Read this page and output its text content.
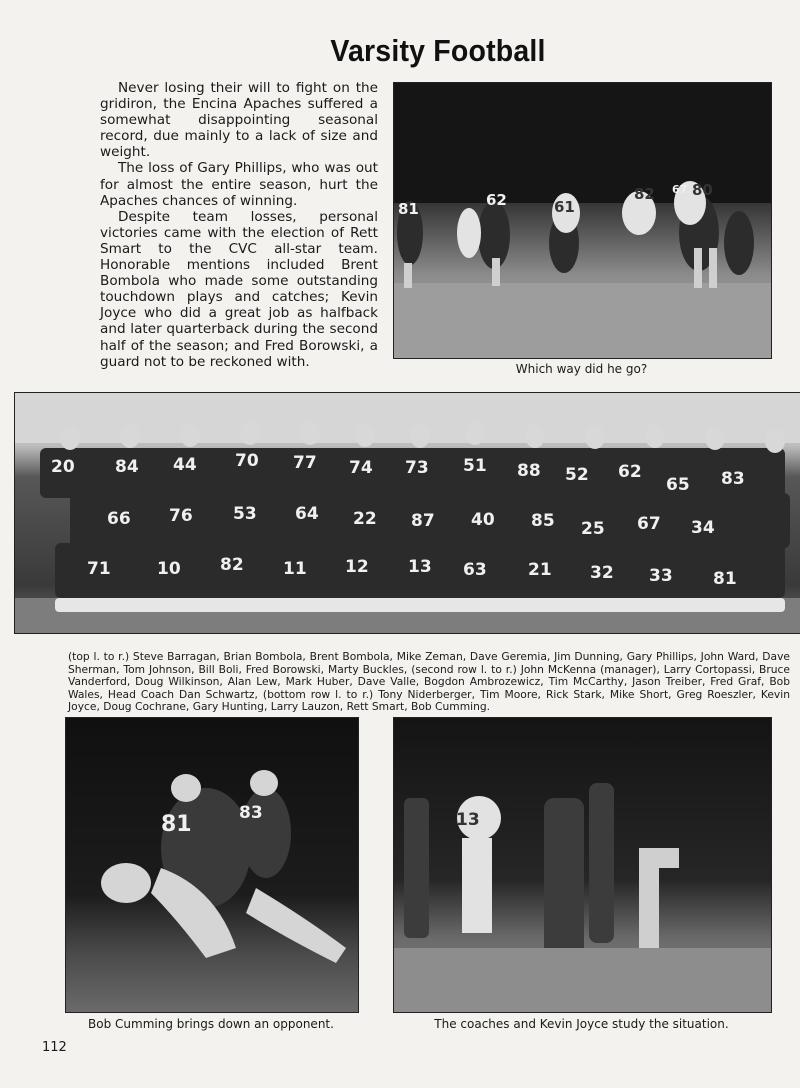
Varsity Football

Never losing their will to fight on the gridiron, the Encina Apaches suffered a somewhat disappointing seasonal record, due mainly to a lack of size and weight.

The loss of Gary Phillips, who was out for almost the entire season, hurt the Apaches chances of winning.

Despite team losses, personal victories came with the election of Rett Smart to the CVC all-star team. Honorable mentions included Brent Bombola who made some outstanding touchdown plays and catches; Kevin Joyce who did a great job as halfback and later quarterback during the second half of the season; and Fred Borowski, a guard not to be reckoned with.

81	62	61
82 80
67
Which way did he go?
20 84 44 70 77 74 73 51 88 52 62
65 83
66 76 53 64 22 87 40 85 25 67 34
71	10 82 11 12 13 63 21 32 33 81
(top l. to r.) Steve Barragan, Brian Bombola, Brent Bombola, Mike Zeman, Dave Geremia, Jim Dunning, Gary Phillips, John Ward, Dave Sherman, Tom Johnson, Bill Boli, Fred Borowski, Marty Buckles, (second row l. to r.) John McKenna (manager), Larry Cortopassi, Bruce Vanderford, Doug Wilkinson, Alan Lew, Mark Huber, Dave Valle, Bogdon Ambrozewicz, Tim McCarthy, Jason Treiber, Fred Graf, Bob Wales, Head Coach Dan Schwartz, (bottom row l. to r.) Tony Niderberger, Tim Moore, Rick Stark, Mike Short, Greg Roeszler, Kevin Joyce, Doug Cochrane, Gary Hunting, Larry Lauzon, Rett Smart, Bob Cumming.
81	83
Bob Cumming brings down an opponent.
13
The coaches and Kevin Joyce study the situation.
112
